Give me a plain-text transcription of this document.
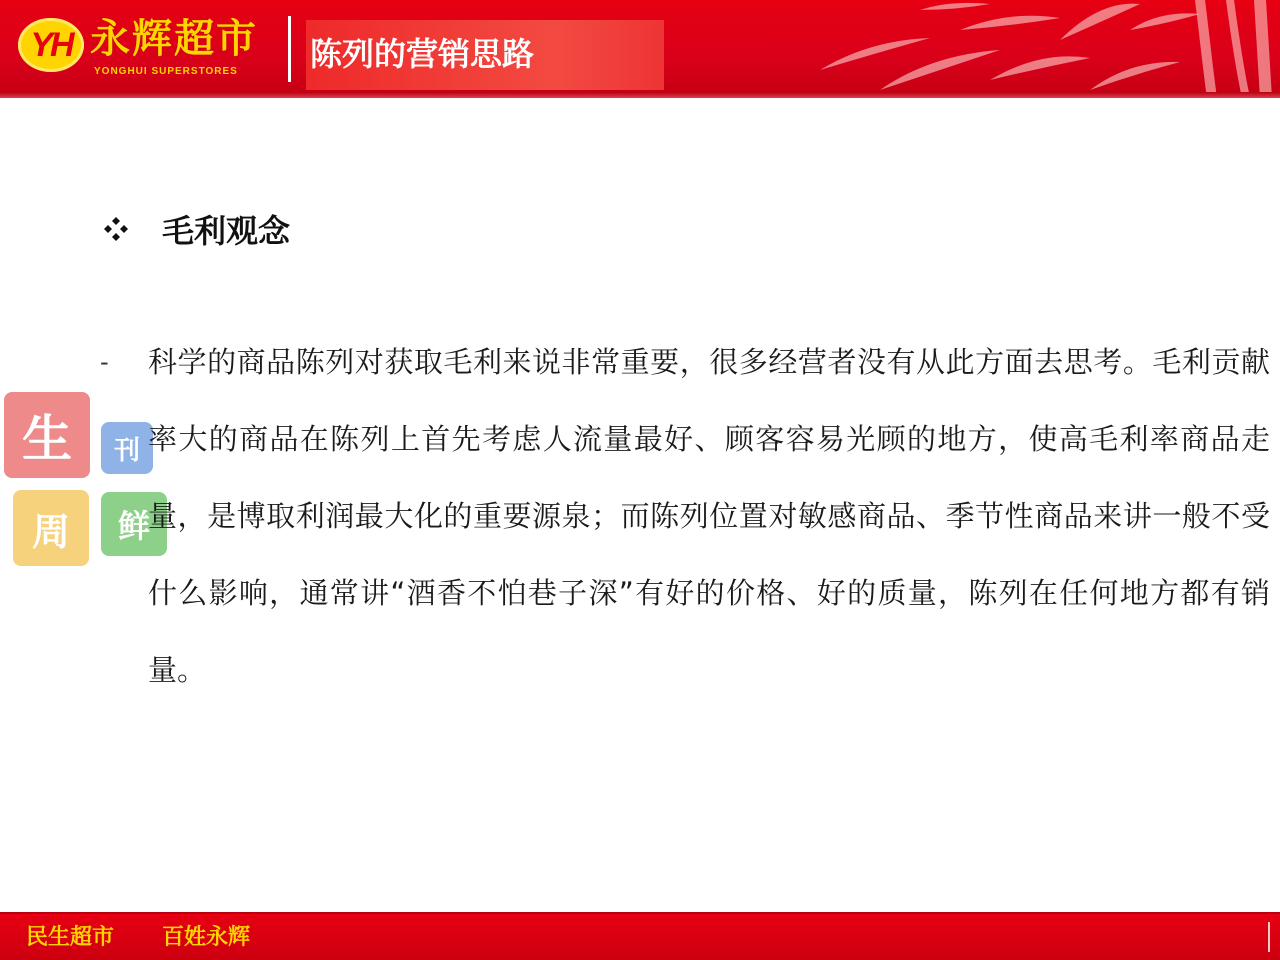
YH 永辉超市
YONGHUI SUPERSTORES 陈列的营销思路
生	刊
周	鲜
毛利观念
- 科学的商品陈列对获取毛利来说非常重要，很多经营者没有从此方面去思考。毛利贡献率大的商品在陈列上首先考虑人流量最好、顾客容易光顾的地方，使高毛利率商品走量，是博取利润最大化的重要源泉；而陈列位置对敏感商品、季节性商品来讲一般不受什么影响，通常讲“酒香不怕巷子深”有好的价格、好的质量，陈列在任何地方都有销量。
民生超市 百姓永辉
